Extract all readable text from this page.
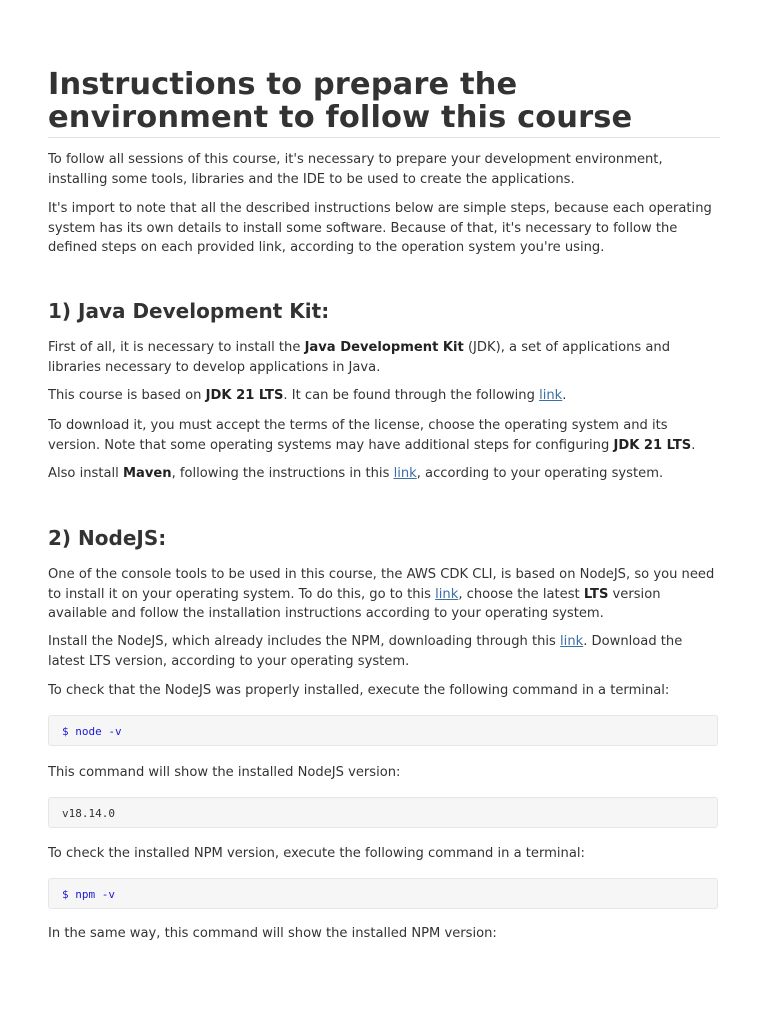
Instructions to prepare the environment to follow this course

To follow all sessions of this course, it's necessary to prepare your development environment, installing some tools, libraries and the IDE to be used to create the applications.

It's import to note that all the described instructions below are simple steps, because each operating system has its own details to install some software. Because of that, it's necessary to follow the defined steps on each provided link, according to the operation system you're using.

1) Java Development Kit:

First of all, it is necessary to install the Java Development Kit (JDK), a set of applications and libraries necessary to develop applications in Java.

This course is based on JDK 21 LTS. It can be found through the following link.

To download it, you must accept the terms of the license, choose the operating system and its version. Note that some operating systems may have additional steps for configuring JDK 21 LTS.

Also install Maven, following the instructions in this link, according to your operating system.

2) NodeJS:

One of the console tools to be used in this course, the AWS CDK CLI, is based on NodeJS, so you need to install it on your operating system. To do this, go to this link, choose the latest LTS version available and follow the installation instructions according to your operating system.

Install the NodeJS, which already includes the NPM, downloading through this link. Download the latest LTS version, according to your operating system.

To check that the NodeJS was properly installed, execute the following command in a terminal:

$ node -v

This command will show the installed NodeJS version:

v18.14.0

To check the installed NPM version, execute the following command in a terminal:

$ npm -v

In the same way, this command will show the installed NPM version:
